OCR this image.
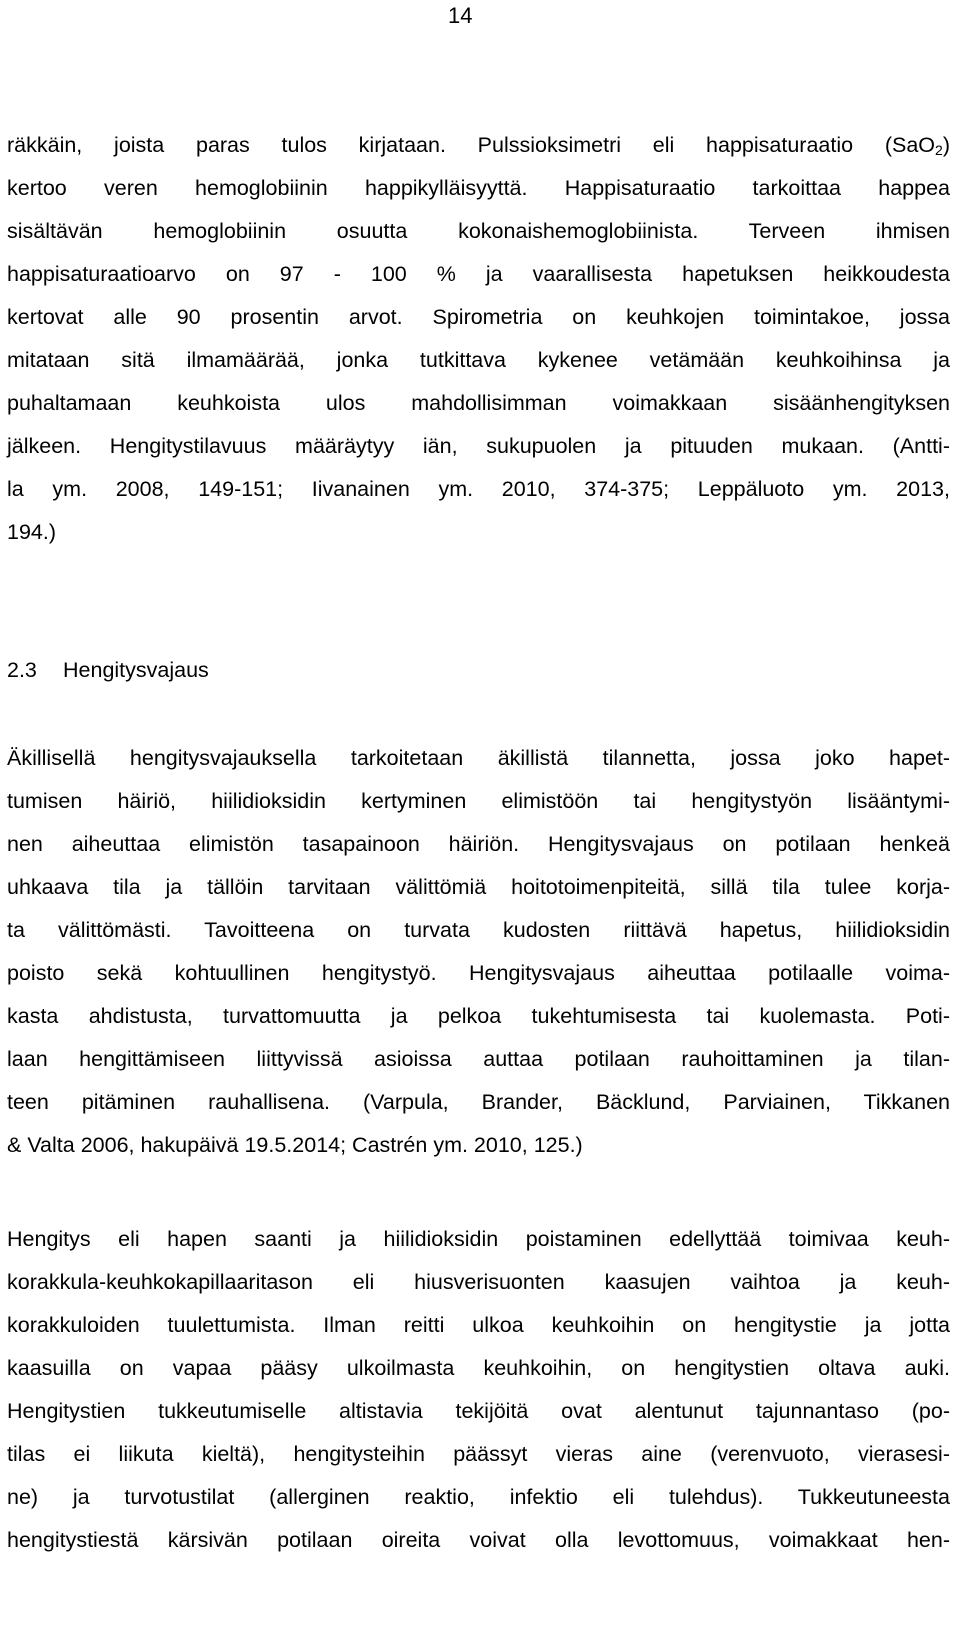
14
räkkäin, joista paras tulos kirjataan. Pulssioksimetri eli happisaturaatio (SaO$_2$)
kertoo veren hemoglobiinin happikylläisyyttä. Happisaturaatio tarkoittaa happea
sisältävän hemoglobiinin osuutta kokonaishemoglobiinista. Terveen ihmisen
happisaturaatioarvo on 97 - 100 % ja vaarallisesta hapetuksen heikkoudesta
kertovat alle 90 prosentin arvot. Spirometria on keuhkojen toimintakoe, jossa
mitataan sitä ilmamäärää, jonka tutkittava kykenee vetämään keuhkoihinsa ja
puhaltamaan keuhkoista ulos mahdollisimman voimakkaan sisäänhengityksen
jälkeen. Hengitystilavuus määräytyy iän, sukupuolen ja pituuden mukaan. (Antti-
la ym. 2008, 149-151; Iivanainen ym. 2010, 374-375; Leppäluoto ym. 2013,
194.)
2.3 Hengitysvajaus
Äkillisellä hengitysvajauksella tarkoitetaan äkillistä tilannetta, jossa joko hapet-
tumisen häiriö, hiilidioksidin kertyminen elimistöön tai hengitystyön lisääntymi-
nen aiheuttaa elimistön tasapainoon häiriön. Hengitysvajaus on potilaan henkeä
uhkaava tila ja tällöin tarvitaan välittömiä hoitotoimenpiteitä, sillä tila tulee korja-
ta välittömästi. Tavoitteena on turvata kudosten riittävä hapetus, hiilidioksidin
poisto sekä kohtuullinen hengitystyö. Hengitysvajaus aiheuttaa potilaalle voima-
kasta ahdistusta, turvattomuutta ja pelkoa tukehtumisesta tai kuolemasta. Poti-
laan hengittämiseen liittyvissä asioissa auttaa potilaan rauhoittaminen ja tilan-
teen pitäminen rauhallisena. (Varpula, Brander, Bäcklund, Parviainen, Tikkanen
& Valta 2006, hakupäivä 19.5.2014; Castrén ym. 2010, 125.)
Hengitys eli hapen saanti ja hiilidioksidin poistaminen edellyttää toimivaa keuh-
korakkula-keuhkokapillaaritason eli hiusverisuonten kaasujen vaihtoa ja keuh-
korakkuloiden tuulettumista. Ilman reitti ulkoa keuhkoihin on hengitystie ja jotta
kaasuilla on vapaa pääsy ulkoilmasta keuhkoihin, on hengitystien oltava auki.
Hengitystien tukkeutumiselle altistavia tekijöitä ovat alentunut tajunnantaso (po-
tilas ei liikuta kieltä), hengitysteihin päässyt vieras aine (verenvuoto, vierasesi-
ne) ja turvotustilat (allerginen reaktio, infektio eli tulehdus). Tukkeutuneesta
hengitystiestä kärsivän potilaan oireita voivat olla levottomuus, voimakkaat hen-
